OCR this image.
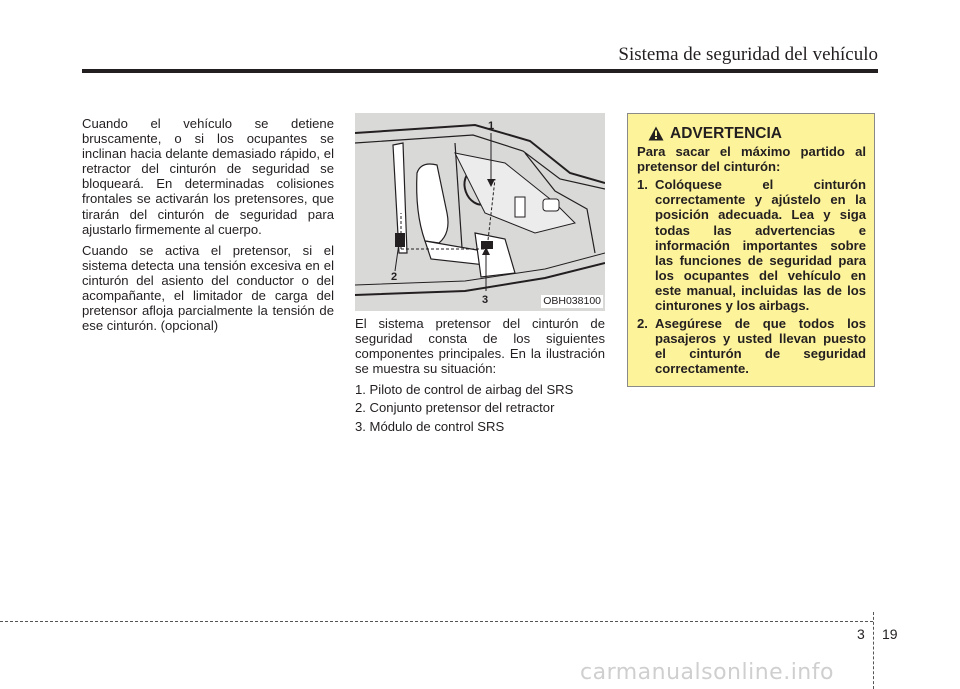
Sistema de seguridad del vehículo

Cuando el vehículo se detiene bruscamente, o si los ocupantes se inclinan hacia delante demasiado rápido, el retractor del cinturón de seguridad se bloqueará. En determinadas colisiones frontales se activarán los pretensores, que tirarán del cinturón de seguridad para ajustarlo firmemente al cuerpo.

Cuando se activa el pretensor, si el sistema detecta una tensión excesiva en el cinturón del asiento del conductor o del acompañante, el limitador de carga del pretensor afloja parcialmente la tensión de ese cinturón. (opcional)

1
2
3	OBH038100

El sistema pretensor del cinturón de seguridad consta de los siguientes componentes principales. En la ilustración se muestra su situación:

1. Piloto de control de airbag del SRS
2. Conjunto pretensor del retractor
3. Módulo de control SRS
ADVERTENCIA
Para sacar el máximo partido al pretensor del cinturón:
1. Colóquese el cinturón correctamente y ajústelo en la posición adecuada. Lea y siga todas las advertencias e información importantes sobre las funciones de seguridad para los ocupantes del vehículo en este manual, incluidas las de los cinturones y los airbags.
2. Asegúrese de que todos los pasajeros y usted llevan puesto el cinturón de seguridad correctamente.
3 19
carmanualsonline.info
